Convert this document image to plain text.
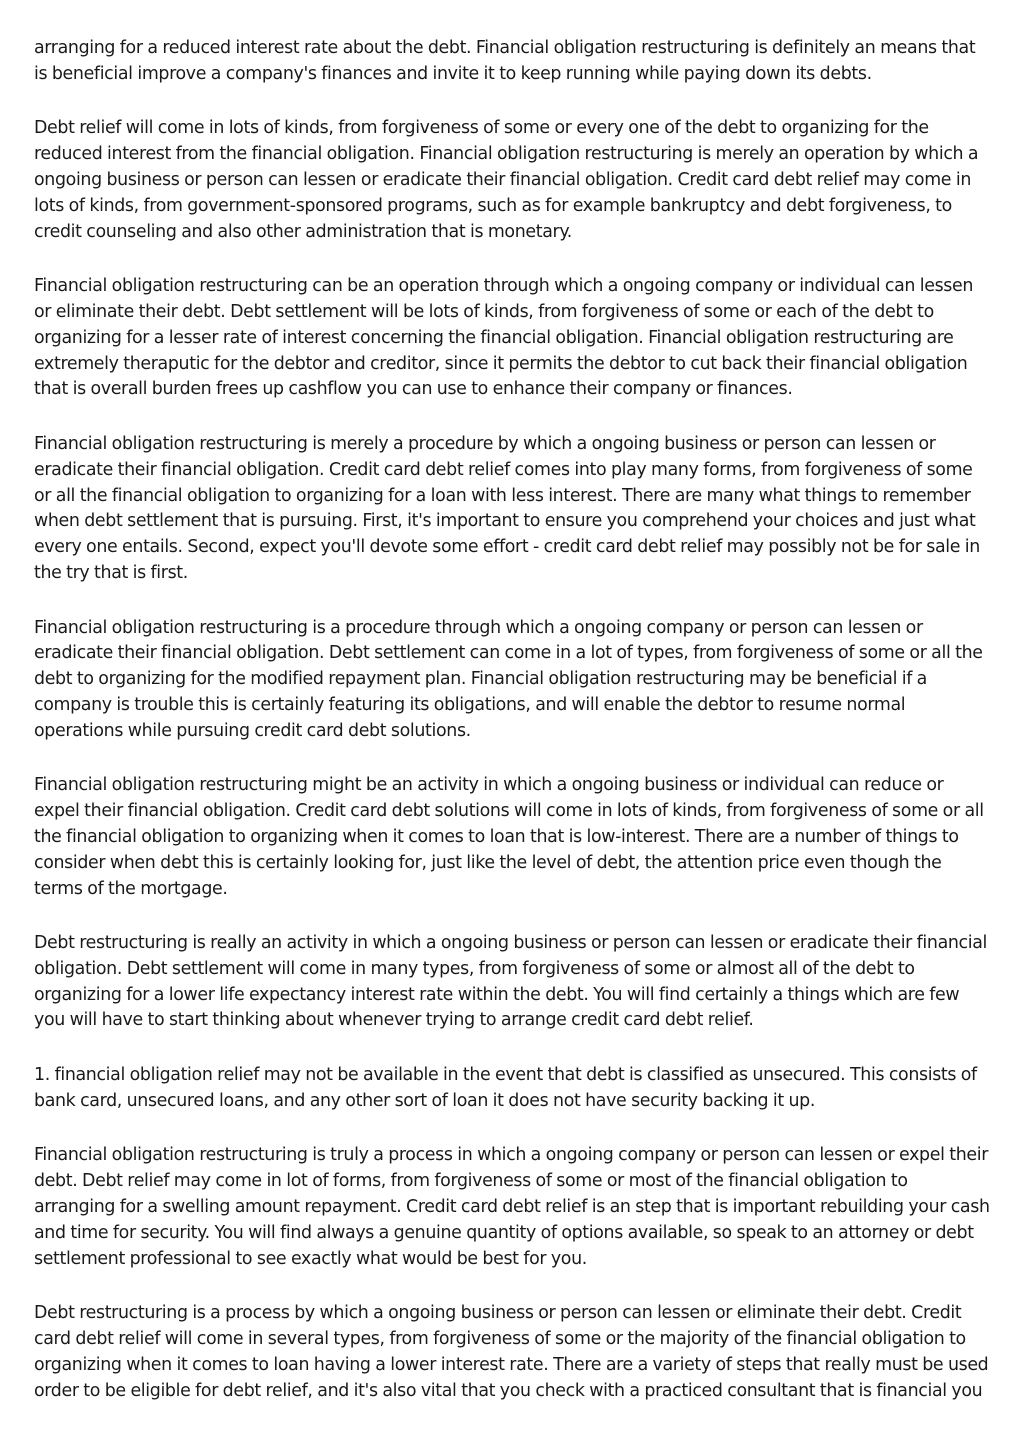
arranging for a reduced interest rate about the debt. Financial obligation restructuring is definitely an means that is beneficial improve a company's finances and invite it to keep running while paying down its debts.

Debt relief will come in lots of kinds, from forgiveness of some or every one of the debt to organizing for the reduced interest from the financial obligation. Financial obligation restructuring is merely an operation by which a ongoing business or person can lessen or eradicate their financial obligation. Credit card debt relief may come in lots of kinds, from government-sponsored programs, such as for example bankruptcy and debt forgiveness, to credit counseling and also other administration that is monetary.

Financial obligation restructuring can be an operation through which a ongoing company or individual can lessen or eliminate their debt. Debt settlement will be lots of kinds, from forgiveness of some or each of the debt to organizing for a lesser rate of interest concerning the financial obligation. Financial obligation restructuring are extremely theraputic for the debtor and creditor, since it permits the debtor to cut back their financial obligation that is overall burden frees up cashflow you can use to enhance their company or finances.

Financial obligation restructuring is merely a procedure by which a ongoing business or person can lessen or eradicate their financial obligation. Credit card debt relief comes into play many forms, from forgiveness of some or all the financial obligation to organizing for a loan with less interest. There are many what things to remember when debt settlement that is pursuing. First, it's important to ensure you comprehend your choices and just what every one entails. Second, expect you'll devote some effort - credit card debt relief may possibly not be for sale in the try that is first.

Financial obligation restructuring is a procedure through which a ongoing company or person can lessen or eradicate their financial obligation. Debt settlement can come in a lot of types, from forgiveness of some or all the debt to organizing for the modified repayment plan. Financial obligation restructuring may be beneficial if a company is trouble this is certainly featuring its obligations, and will enable the debtor to resume normal operations while pursuing credit card debt solutions.

Financial obligation restructuring might be an activity in which a ongoing business or individual can reduce or expel their financial obligation. Credit card debt solutions will come in lots of kinds, from forgiveness of some or all the financial obligation to organizing when it comes to loan that is low-interest. There are a number of things to consider when debt this is certainly looking for, just like the level of debt, the attention price even though the terms of the mortgage.

Debt restructuring is really an activity in which a ongoing business or person can lessen or eradicate their financial obligation. Debt settlement will come in many types, from forgiveness of some or almost all of the debt to organizing for a lower life expectancy interest rate within the debt. You will find certainly a things which are few you will have to start thinking about whenever trying to arrange credit card debt relief.

1. financial obligation relief may not be available in the event that debt is classified as unsecured. This consists of bank card, unsecured loans, and any other sort of loan it does not have security backing it up.

Financial obligation restructuring is truly a process in which a ongoing company or person can lessen or expel their debt. Debt relief may come in lot of forms, from forgiveness of some or most of the financial obligation to arranging for a swelling amount repayment. Credit card debt relief is an step that is important rebuilding your cash and time for security. You will find always a genuine quantity of options available, so speak to an attorney or debt settlement professional to see exactly what would be best for you.

Debt restructuring is a process by which a ongoing business or person can lessen or eliminate their debt. Credit card debt relief will come in several types, from forgiveness of some or the majority of the financial obligation to organizing when it comes to loan having a lower interest rate. There are a variety of steps that really must be used order to be eligible for debt relief, and it's also vital that you check with a practiced consultant that is financial you
